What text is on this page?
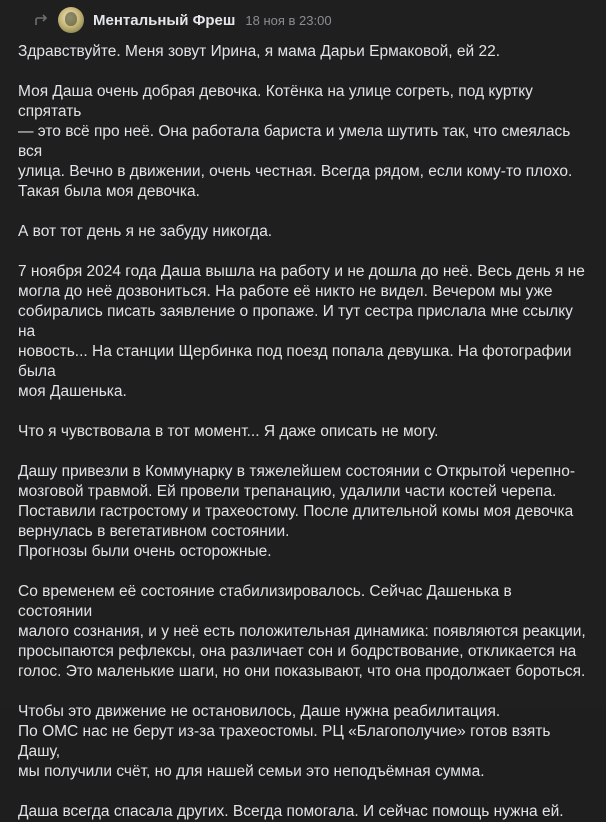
Ментальный Фреш 18 ноя в 23:00

Здравствуйте. Меня зовут Ирина, я мама Дарьи Ермаковой, ей 22.

Моя Даша очень добрая девочка. Котёнка на улице согреть, под куртку спрятать
— это всё про неё. Она работала бариста и умела шутить так, что смеялась вся
улица. Вечно в движении, очень честная. Всегда рядом, если кому-то плохо.
Такая была моя девочка.

А вот тот день я не забуду никогда.

7 ноября 2024 года Даша вышла на работу и не дошла до неё. Весь день я не
могла до неё дозвониться. На работе её никто не видел. Вечером мы уже
собирались писать заявление о пропаже. И тут сестра прислала мне ссылку на
новость... На станции Щербинка под поезд попала девушка. На фотографии была
моя Дашенька.

Что я чувствовала в тот момент... Я даже описать не могу.

Дашу привезли в Коммунарку в тяжелейшем состоянии с Открытой черепно-
мозговой травмой. Ей провели трепанацию, удалили части костей черепа.
Поставили гастростому и трахеостому. После длительной комы моя девочка
вернулась в вегетативном состоянии.
Прогнозы были очень осторожные.

Со временем её состояние стабилизировалось. Сейчас Дашенька в состоянии
малого сознания, и у неё есть положительная динамика: появляются реакции,
просыпаются рефлексы, она различает сон и бодрствование, откликается на
голос. Это маленькие шаги, но они показывают, что она продолжает бороться.

Чтобы это движение не остановилось, Даше нужна реабилитация.
По ОМС нас не берут из-за трахеостомы. РЦ «Благополучие» готов взять Дашу,
мы получили счёт, но для нашей семьи это неподъёмная сумма.

Даша всегда спасала других. Всегда помогала. И сейчас помощь нужна ей.
